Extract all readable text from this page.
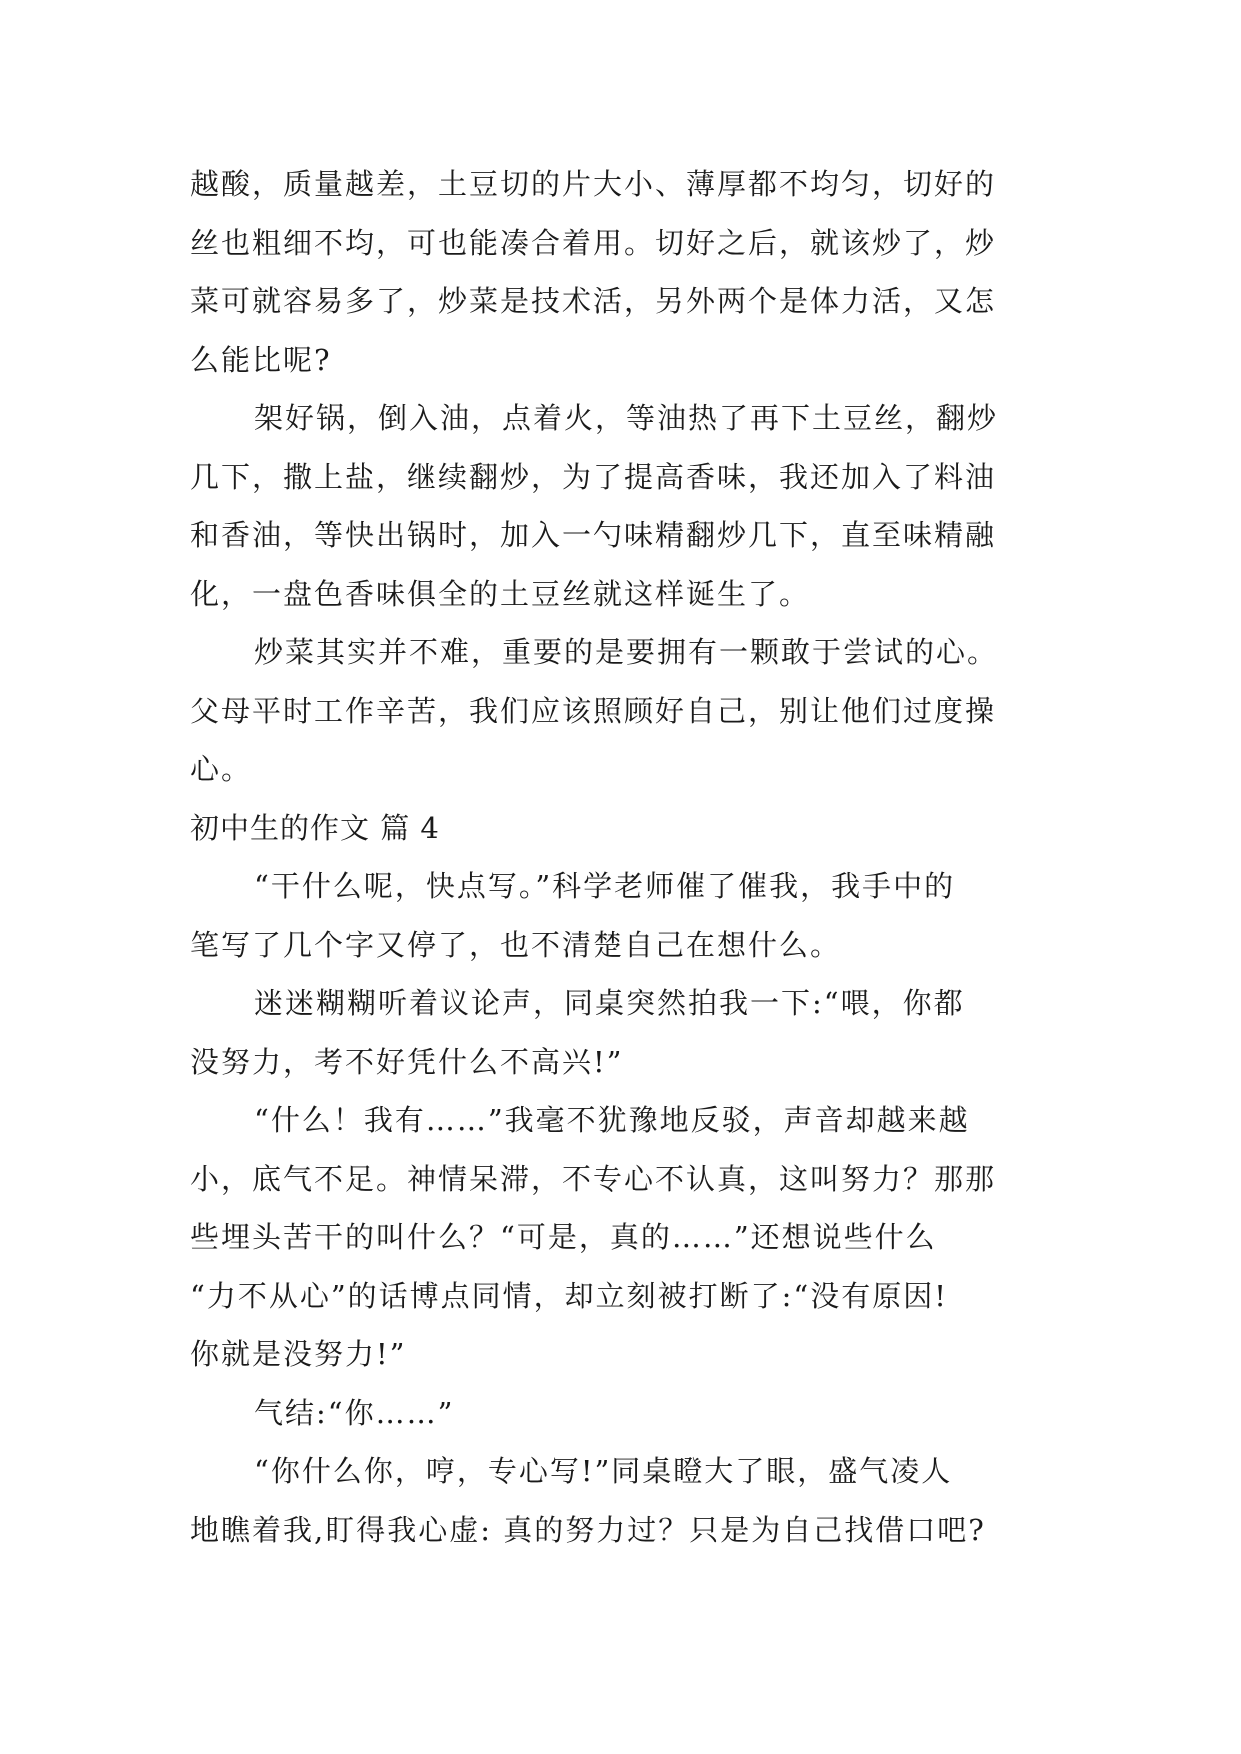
越酸，质量越差，土豆切的片大小、薄厚都不均匀，切好的
丝也粗细不均，可也能凑合着用。切好之后，就该炒了，炒
菜可就容易多了，炒菜是技术活，另外两个是体力活，又怎
么能比呢?
架好锅，倒入油，点着火，等油热了再下土豆丝，翻炒
几下，撒上盐，继续翻炒，为了提高香味，我还加入了料油
和香油，等快出锅时，加入一勺味精翻炒几下，直至味精融
化，一盘色香味俱全的土豆丝就这样诞生了。
炒菜其实并不难，重要的是要拥有一颗敢于尝试的心。
父母平时工作辛苦，我们应该照顾好自己，别让他们过度操
心。
初中生的作文 篇 4
“干什么呢，快点写。”科学老师催了催我，我手中的
笔写了几个字又停了，也不清楚自己在想什么。
迷迷糊糊听着议论声，同桌突然拍我一下:“喂，你都
没努力，考不好凭什么不高兴!”
“什么！我有……”我毫不犹豫地反驳，声音却越来越
小，底气不足。神情呆滞，不专心不认真，这叫努力？那那
些埋头苦干的叫什么？“可是，真的……”还想说些什么
“力不从心”的话博点同情，却立刻被打断了:“没有原因!
你就是没努力!”
气结:“你……”
“你什么你，哼，专心写!”同桌瞪大了眼，盛气凌人
地瞧着我,盯得我心虚: 真的努力过？只是为自己找借口吧?
